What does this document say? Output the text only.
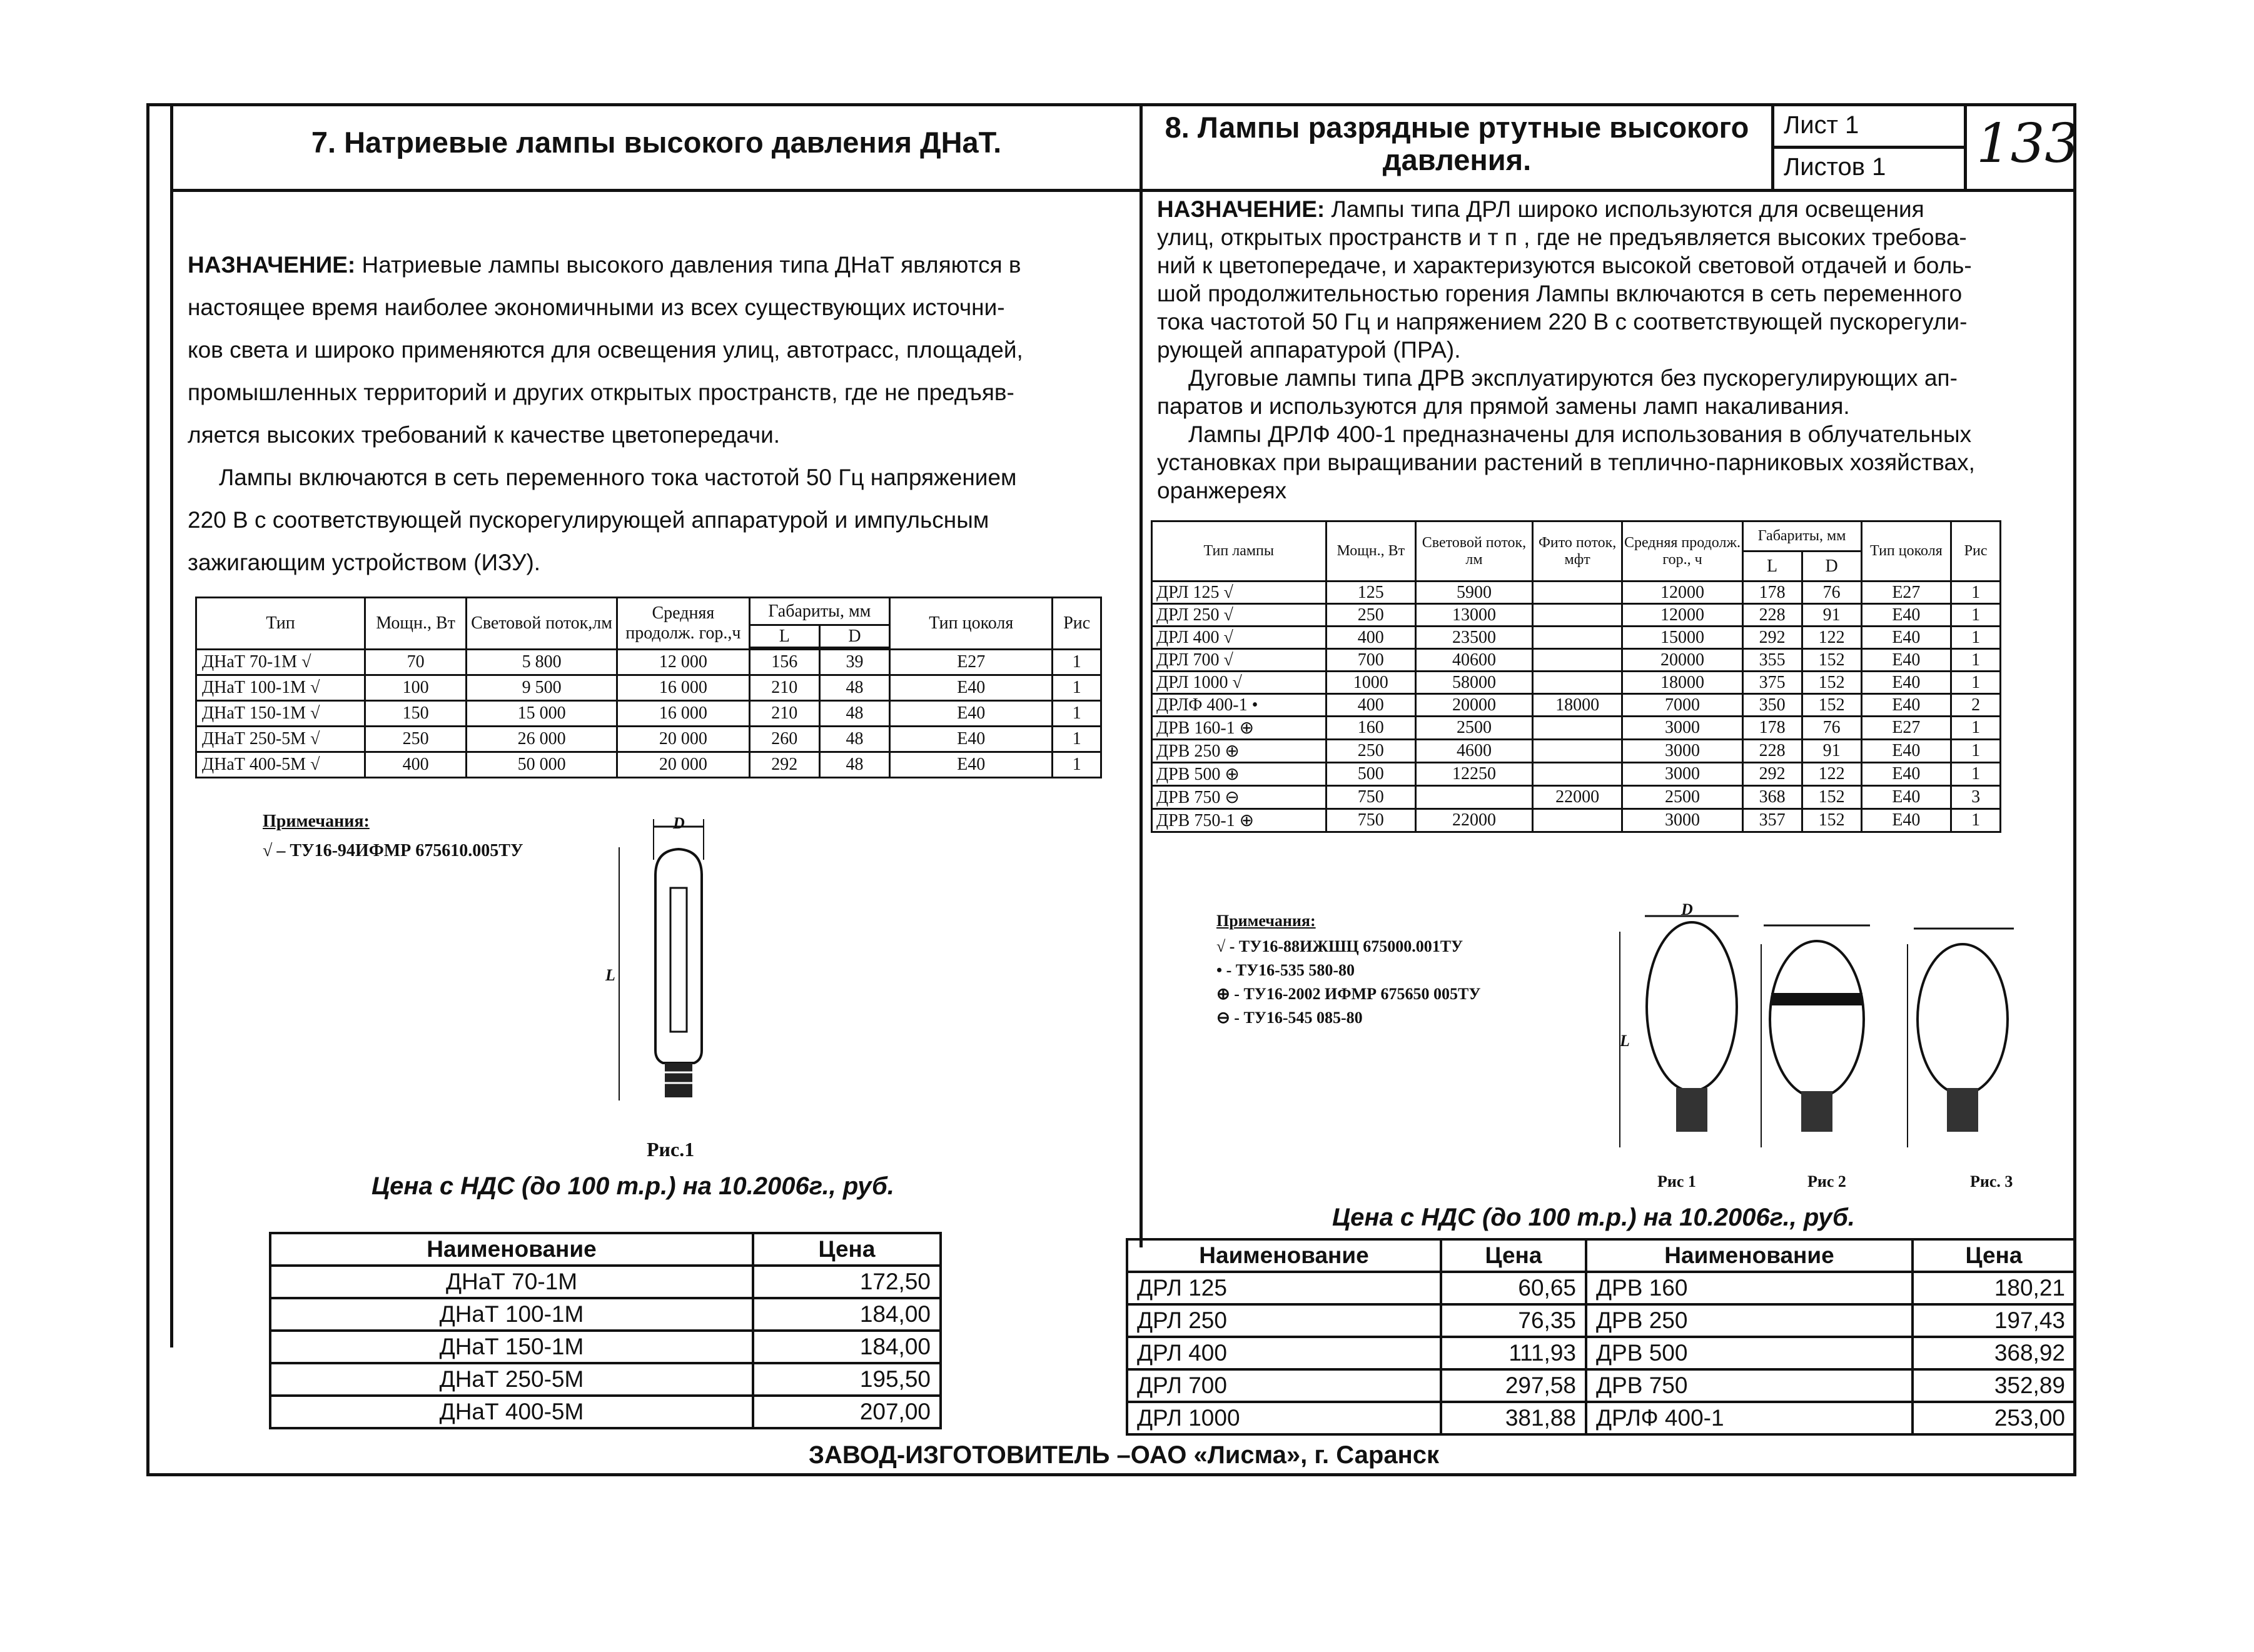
7. Натриевые лампы высокого давления ДНаТ.	8. Лампы разрядные ртутные высокого
давления.
Лист 1
Листов 1 133
НАЗНАЧЕНИЕ: Натриевые лампы высокого давления типа ДНаТ являются в
настоящее время наиболее экономичными из всех существующих источни-
ков света и широко применяются для освещения улиц, автотрасс, площадей,
промышленных территорий и других открытых пространств, где не предъяв-
ляется высоких требований к качестве цветопередачи.
Лампы включаются в сеть переменного тока частотой 50 Гц напряжением
220 В с соответствующей пускорегулирующей аппаратурой и импульсным
зажигающим устройством (ИЗУ).
Тип	Мощн., Вт	Световой поток,лм	Средняя продолж. гор.,ч	Габариты, мм		Тип цоколя	Рис
				L	D		

ДНаТ 70-1М √	70	5 800	12 000	156	39	E27	1
ДНаТ 100-1М √	100	9 500	16 000	210	48	E40	1
ДНаТ 150-1М √	150	15 000	16 000	210	48	E40	1
ДНаТ 250-5М √	250	26 000	20 000	260	48	E40	1
ДНаТ 400-5М √	400	50 000	20 000	292	48	E40	1
Примечания:
√ – ТУ16-94ИФМР 675610.005ТУ
D
L
Рис.1
Цена с НДС (до 100 т.р.) на 10.2006г., руб.
Наименование	Цена
ДНаТ 70-1М	172,50
ДНаТ 100-1М	184,00
ДНаТ 150-1М	184,00
ДНаТ 250-5М	195,50
ДНаТ 400-5М	207,00
НАЗНАЧЕНИЕ: Лампы типа ДРЛ широко используются для освещения
улиц, открытых пространств и т п , где не предъявляется высоких требова-
ний к цветопередаче, и характеризуются высокой световой отдачей и боль-
шой продолжительностью горения Лампы включаются в сеть переменного
тока частотой 50 Гц и напряжением 220 В с соответствующей пускорегули-
рующей аппаратурой (ПРА).
Дуговые лампы типа ДРВ эксплуатируются без пускорегулирующих ап-
паратов и используются для прямой замены ламп накаливания.
Лампы ДРЛФ 400-1 предназначены для использования в облучательных
установках при выращивании растений в теплично-парниковых хозяйствах,
оранжереях
Тип лампы	Мощн., Вт	Световой поток, лм	Фито поток, мфт	Средняя продолж. гор., ч	Габариты, мм		Тип цоколя	Рис
					L	D		
ДРЛ 125 √	125	5900		12000	178	76	E27	1
ДРЛ 250 √	250	13000		12000	228	91	E40	1
ДРЛ 400 √	400	23500		15000	292	122	E40	1
ДРЛ 700 √	700	40600		20000	355	152	E40	1
ДРЛ 1000 √	1000	58000		18000	375	152	E40	1
ДРЛФ 400-1 •	400	20000	18000	7000	350	152	E40	2
ДРВ 160-1 ⊕	160	2500		3000	178	76	E27	1
ДРВ 250 ⊕	250	4600		3000	228	91	E40	1
ДРВ 500 ⊕	500	12250		3000	292	122	E40	1
ДРВ 750 ⊖	750		22000	2500	368	152	E40	3
ДРВ 750-1 ⊕	750	22000		3000	357	152	E40	1
Примечания:
√ - ТУ16-88ИЖШЦ 675000.001ТУ
• - ТУ16-535 580-80
⊕ - ТУ16-2002 ИФМР 675650 005ТУ
⊖ - ТУ16-545 085-80
D
L
Рис 1	Рис 2	Рис. 3
Цена с НДС (до 100 т.р.) на 10.2006г., руб.
Наименование	Цена	Наименование	Цена
ДРЛ 125	60,65	ДРВ 160	180,21
ДРЛ 250	76,35	ДРВ 250	197,43
ДРЛ 400	111,93	ДРВ 500	368,92
ДРЛ 700	297,58	ДРВ 750	352,89
ДРЛ 1000	381,88	ДРЛФ 400-1	253,00
ЗАВОД-ИЗГОТОВИТЕЛЬ –ОАО «Лисма», г. Саранск
